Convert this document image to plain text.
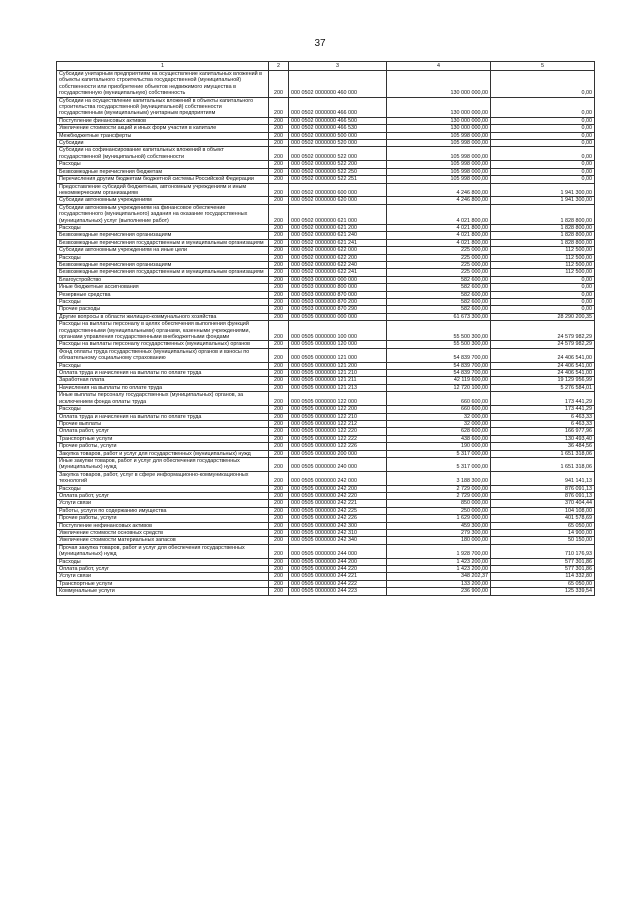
37
1	2	3	4	5
Субсидии унитарным предприятиям на осуществление капитальных вложений в объекты капитального строительства государственной (муниципальной) собственности или приобретение объектов недвижимого имущества в государственную (муниципальную) собственность	200	000 0502 0000000 460 000	130 000 000,00	0,00
Субсидии на осуществление капитальных вложений в объекты капитального строительства государственной (муниципальной) собственности государственным (муниципальным) унитарным предприятиям	200	000 0502 0000000 466 000	130 000 000,00	0,00
Поступление финансовых активов	200	000 0502 0000000 466 500	130 000 000,00	0,00
Увеличение стоимости акций и иных форм участия в капитале	200	000 0502 0000000 466 530	130 000 000,00	0,00
Межбюджетные трансферты	200	000 0502 0000000 500 000	105 998 000,00	0,00
Субсидии	200	000 0502 0000000 520 000	105 998 000,00	0,00
Субсидии на софинансирование капитальных вложений в объект государственной (муниципальной) собственности	200	000 0502 0000000 522 000	105 998 000,00	0,00
Расходы	200	000 0502 0000000 522 200	105 998 000,00	0,00
Безвозмездные перечисления бюджетам	200	000 0502 0000000 522 250	105 998 000,00	0,00
Перечисления другим бюджетам бюджетной системы Российской Федерации	200	000 0502 0000000 522 251	105 998 000,00	0,00
Предоставление субсидий бюджетным, автономным учреждениям и иным некоммерческим организациям	200	000 0502 0000000 600 000	4 246 800,00	1 941 300,00
Субсидии автономным учреждениям	200	000 0502 0000000 620 000	4 246 800,00	1 941 300,00
Субсидии автономным учреждениям на финансовое обеспечение государственного (муниципального) задания на оказание государственных (муниципальных) услуг (выполнение работ)	200	000 0502 0000000 621 000	4 021 800,00	1 828 800,00
Расходы	200	000 0502 0000000 621 200	4 021 800,00	1 828 800,00
Безвозмездные перечисления организациям	200	000 0502 0000000 621 240	4 021 800,00	1 828 800,00
Безвозмездные перечисления государственным и муниципальным организациям	200	000 0502 0000000 621 241	4 021 800,00	1 828 800,00
Субсидии автономным учреждениям на иные цели	200	000 0502 0000000 622 000	225 000,00	112 500,00
Расходы	200	000 0502 0000000 622 200	225 000,00	112 500,00
Безвозмездные перечисления организациям	200	000 0502 0000000 622 240	225 000,00	112 500,00
Безвозмездные перечисления государственным и муниципальным организациям	200	000 0502 0000000 622 241	225 000,00	112 500,00
Благоустройство	200	000 0503 0000000 000 000	582 600,00	0,00
Иные бюджетные ассигнования	200	000 0503 0000000 800 000	582 600,00	0,00
Резервные средства	200	000 0503 0000000 870 000	582 600,00	0,00
Расходы	200	000 0503 0000000 870 200	582 600,00	0,00
Прочие расходы	200	000 0503 0000000 870 290	582 600,00	0,00
Другие вопросы в области жилищно-коммунального хозяйства	200	000 0505 0000000 000 000	61 673 300,00	28 290 200,35
Расходы на выплаты персоналу в целях обеспечения выполнения функций государственными (муниципальными) органами, казенными учреждениями, органами управления государственными внебюджетными фондами	200	000 0505 0000000 100 000	55 500 300,00	24 579 982,29
Расходы на выплаты персоналу государственных (муниципальных) органов	200	000 0505 0000000 120 000	55 500 300,00	24 579 982,29
Фонд оплаты труда государственных (муниципальных) органов и взносы по обязательному социальному страхованию	200	000 0505 0000000 121 000	54 839 700,00	24 406 541,00
Расходы	200	000 0505 0000000 121 200	54 839 700,00	24 406 541,00
Оплата труда и начисления на выплаты по оплате труда	200	000 0505 0000000 121 210	54 839 700,00	24 406 541,00
Заработная плата	200	000 0505 0000000 121 211	42 119 600,00	19 129 956,99
Начисления на выплаты по оплате труда	200	000 0505 0000000 121 213	12 720 100,00	5 276 584,01
Иные выплаты персоналу государственных (муниципальных) органов, за исключением фонда оплаты труда	200	000 0505 0000000 122 000	660 600,00	173 441,29
Расходы	200	000 0505 0000000 122 200	660 600,00	173 441,29
Оплата труда и начисления на выплаты по оплате труда	200	000 0505 0000000 122 210	32 000,00	6 463,33
Прочие выплаты	200	000 0505 0000000 122 212	32 000,00	6 463,33
Оплата работ, услуг	200	000 0505 0000000 122 220	628 600,00	166 977,96
Транспортные услуги	200	000 0505 0000000 122 222	438 600,00	130 493,40
Прочие работы, услуги	200	000 0505 0000000 122 226	190 000,00	36 484,56
Закупка товаров, работ и услуг для государственных (муниципальных) нужд	200	000 0505 0000000 200 000	5 317 000,00	1 651 318,06
Иные закупки товаров, работ и услуг для обеспечения государственных (муниципальных) нужд	200	000 0505 0000000 240 000	5 317 000,00	1 651 318,06
Закупка товаров, работ, услуг в сфере информационно-коммуникационных технологий	200	000 0505 0000000 242 000	3 188 300,00	941 141,13
Расходы	200	000 0505 0000000 242 200	2 729 000,00	876 091,13
Оплата работ, услуг	200	000 0505 0000000 242 220	2 729 000,00	876 091,13
Услуги связи	200	000 0505 0000000 242 221	850 000,00	370 404,44
Работы, услуги по содержанию имущества	200	000 0505 0000000 242 225	250 000,00	104 108,00
Прочие работы, услуги	200	000 0505 0000000 242 226	1 629 000,00	401 578,69
Поступление нефинансовых активов	200	000 0505 0000000 242 300	459 300,00	65 050,00
Увеличение стоимости основных средств	200	000 0505 0000000 242 310	279 300,00	14 900,00
Увеличение стоимости материальных запасов	200	000 0505 0000000 242 340	180 000,00	50 150,00
Прочая закупка товаров, работ и услуг для обеспечения государственных (муниципальных) нужд	200	000 0505 0000000 244 000	1 928 700,00	710 176,93
Расходы	200	000 0505 0000000 244 200	1 423 200,00	577 301,86
Оплата работ, услуг	200	000 0505 0000000 244 220	1 423 200,00	577 301,86
Услуги связи	200	000 0505 0000000 244 221	348 202,37	114 332,80
Транспортные услуги	200	000 0505 0000000 244 222	133 200,00	65 050,00
Коммунальные услуги	200	000 0505 0000000 244 223	236 900,00	125 339,54
